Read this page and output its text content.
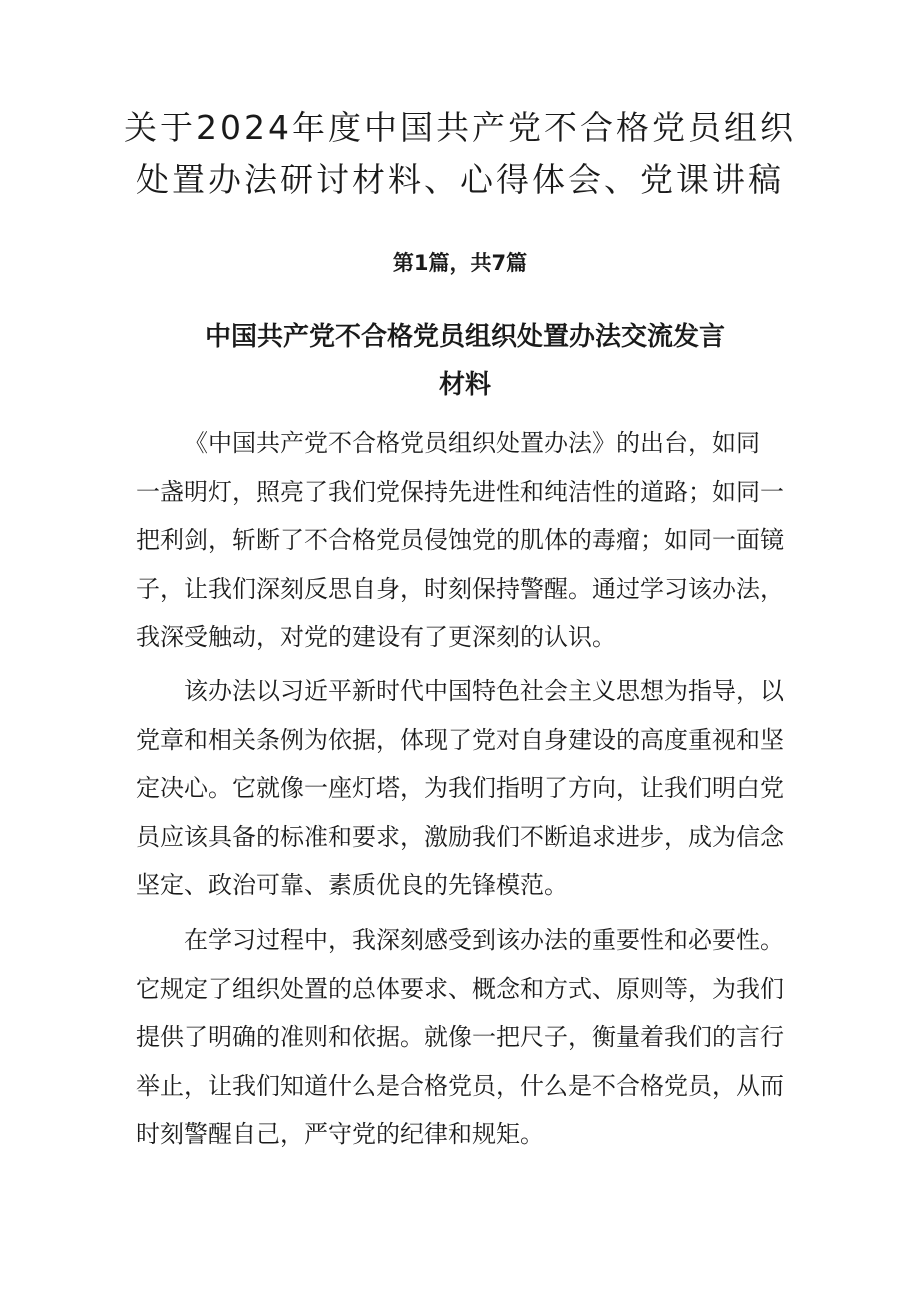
关于2024年度中国共产党不合格党员组织
处置办法研讨材料、心得体会、党课讲稿
第1篇，共7篇
中国共产党不合格党员组织处置办法交流发言
材料
《中国共产党不合格党员组织处置办法》的出台，如同
一盏明灯，照亮了我们党保持先进性和纯洁性的道路；如同一
把利剑，斩断了不合格党员侵蚀党的肌体的毒瘤；如同一面镜
子，让我们深刻反思自身，时刻保持警醒。通过学习该办法，
我深受触动，对党的建设有了更深刻的认识。
该办法以习近平新时代中国特色社会主义思想为指导，以
党章和相关条例为依据，体现了党对自身建设的高度重视和坚
定决心。它就像一座灯塔，为我们指明了方向，让我们明白党
员应该具备的标准和要求，激励我们不断追求进步，成为信念
坚定、政治可靠、素质优良的先锋模范。
在学习过程中，我深刻感受到该办法的重要性和必要性。
它规定了组织处置的总体要求、概念和方式、原则等，为我们
提供了明确的准则和依据。就像一把尺子，衡量着我们的言行
举止，让我们知道什么是合格党员，什么是不合格党员，从而
时刻警醒自己，严守党的纪律和规矩。
